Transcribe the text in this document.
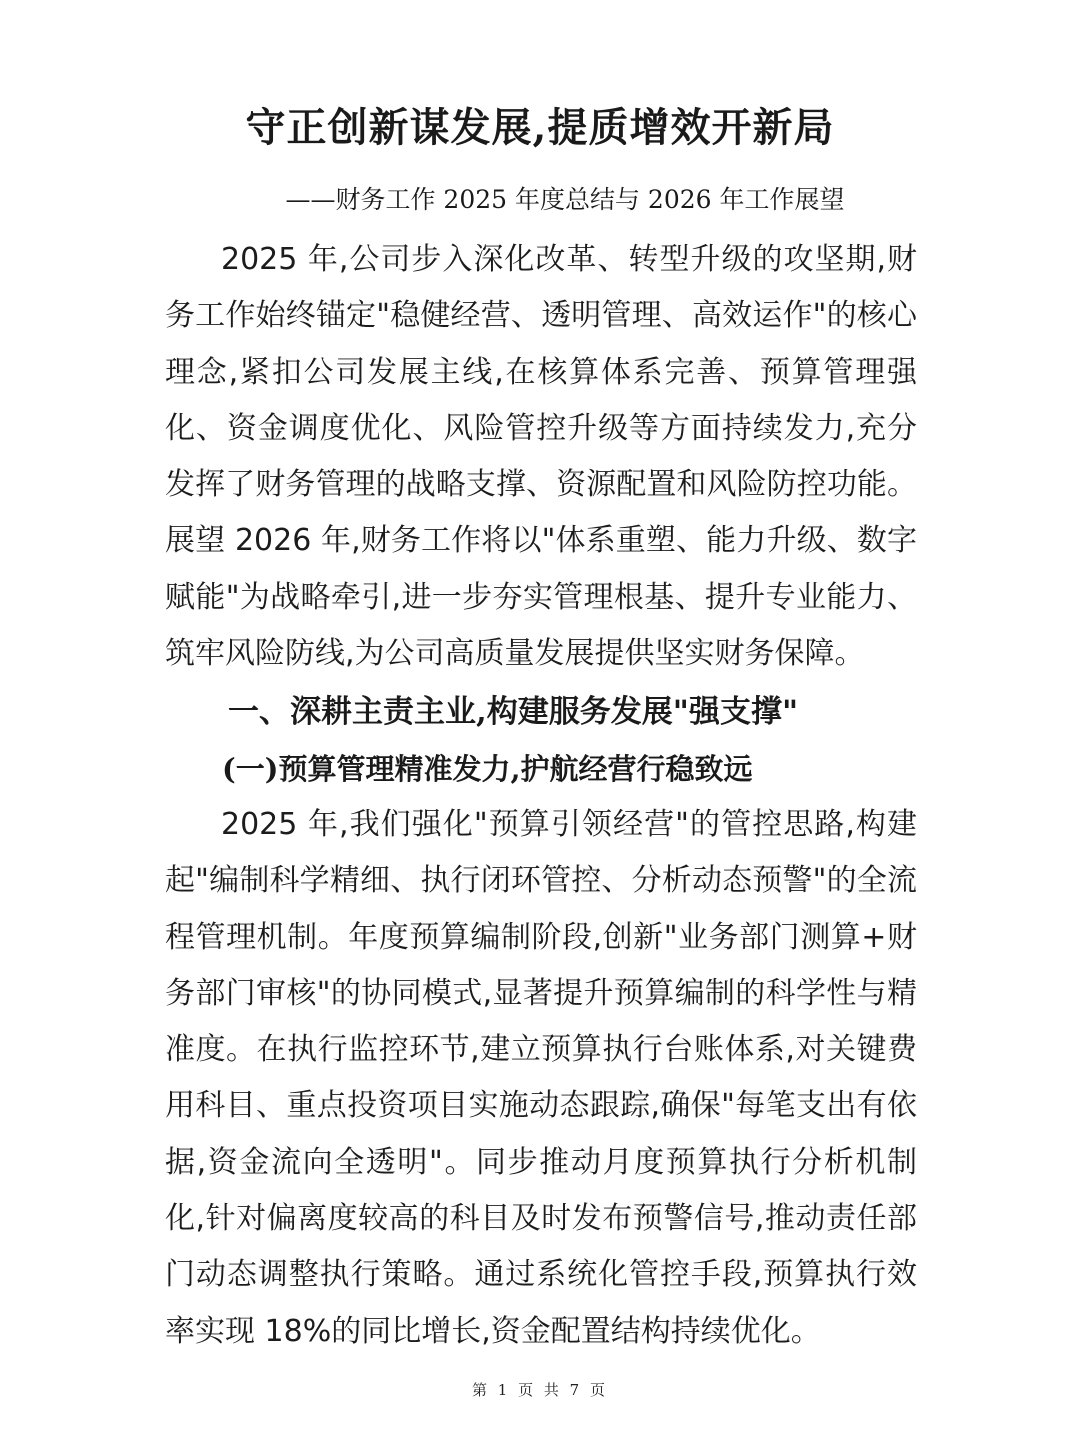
守正创新谋发展,提质增效开新局
——财务工作 2025 年度总结与 2026 年工作展望

2025 年,公司步入深化改革、转型升级的攻坚期,财务工作始终锚定"稳健经营、透明管理、高效运作"的核心理念,紧扣公司发展主线,在核算体系完善、预算管理强化、资金调度优化、风险管控升级等方面持续发力,充分发挥了财务管理的战略支撑、资源配置和风险防控功能。展望 2026 年,财务工作将以"体系重塑、能力升级、数字赋能"为战略牵引,进一步夯实管理根基、提升专业能力、筑牢风险防线,为公司高质量发展提供坚实财务保障。

一、深耕主责主业,构建服务发展"强支撑"
(一)预算管理精准发力,护航经营行稳致远

2025 年,我们强化"预算引领经营"的管控思路,构建起"编制科学精细、执行闭环管控、分析动态预警"的全流程管理机制。年度预算编制阶段,创新"业务部门测算+财务部门审核"的协同模式,显著提升预算编制的科学性与精准度。在执行监控环节,建立预算执行台账体系,对关键费用科目、重点投资项目实施动态跟踪,确保"每笔支出有依据,资金流向全透明"。同步推动月度预算执行分析机制化,针对偏离度较高的科目及时发布预警信号,推动责任部门动态调整执行策略。通过系统化管控手段,预算执行效率实现 18%的同比增长,资金配置结构持续优化。

第 1 页 共 7 页
